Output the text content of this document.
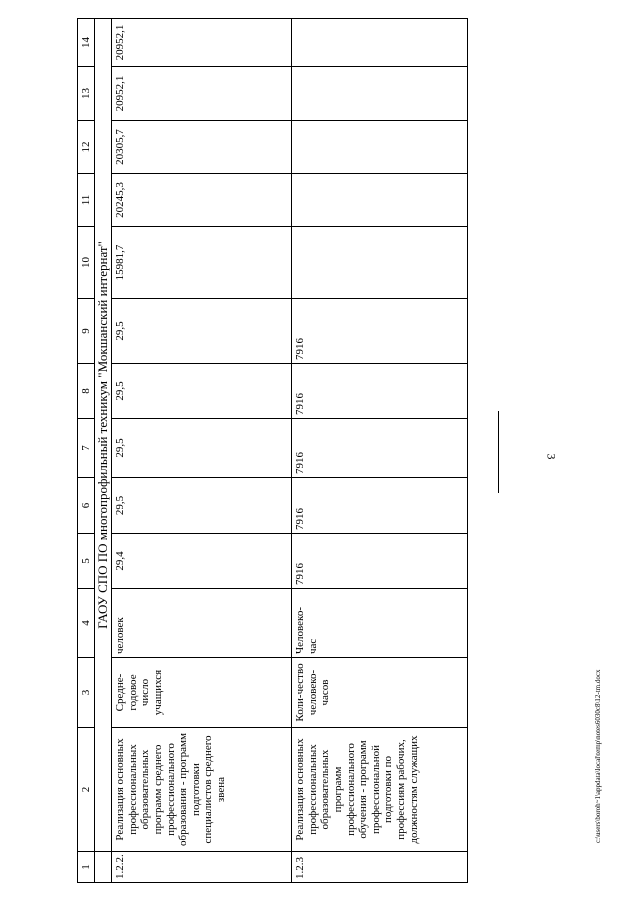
3
1	2	3	4	5	6	7	8	9	10	11	12	13	14
	ГАОУ СПО ПО многопрофильный техникум "Мокшанский интернат"												
1.2.2.	Реализация основных профессиональных образовательных программ среднего профессионального образования - программ подготовки специалистов среднего звена	Средне-годовое число учащихся	человек	29,4	29,5	29,5	29,5	29,5	15981,7	20245,3	20305,7	20952,1	20952,1
1.2.3	Реализация основных профессиональных образовательных программ профессионального обучения - программ профессиональной подготовки по профессиям рабочих, должностям служащих	Коли-чество человеко-часов	Человеко-час	7916	7916	7916	7916	7916					
c:\users\boroh~1\appdata\local\temp\notes6030c8\12-tm.docx
